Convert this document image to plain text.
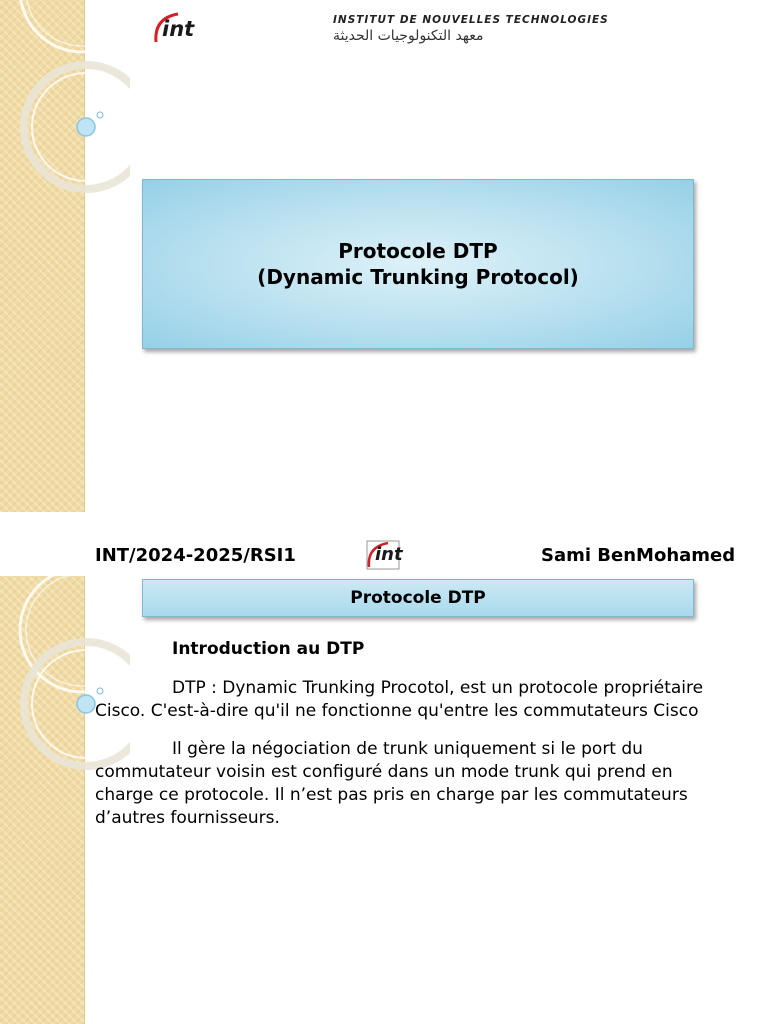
int	INSTITUT DE NOUVELLES TECHNOLOGIES
معهد التكنولوجيات الحديثة
Protocole DTP
(Dynamic Trunking Protocol)
INT/2024-2025/RSI1	int	Sami BenMohamed
Protocole DTP

Introduction au DTP

DTP : Dynamic Trunking Procotol, est un protocole propriétaire Cisco. C'est-à-dire qu'il ne fonctionne qu'entre les commutateurs Cisco

Il gère la négociation de trunk uniquement si le port du commutateur voisin est configuré dans un mode trunk qui prend en charge ce protocole. Il n’est pas pris en charge par les commutateurs d’autres fournisseurs.
